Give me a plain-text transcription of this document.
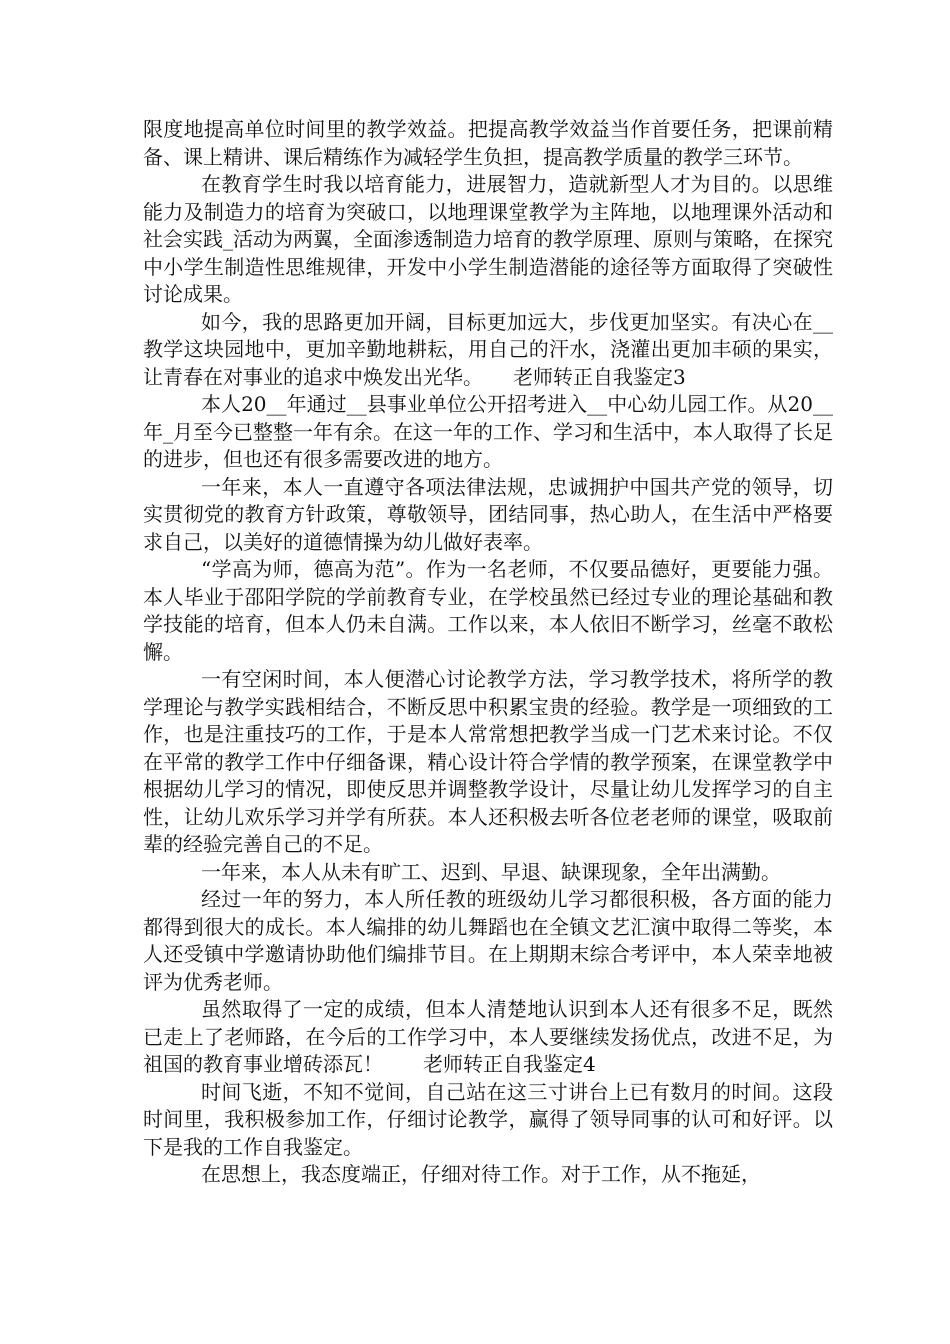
限度地提高单位时间里的教学效益。把提高教学效益当作首要任务，把课前精备、课上精讲、课后精练作为减轻学生负担，提高教学质量的教学三环节。

在教育学生时我以培育能力，进展智力，造就新型人才为目的。以思维能力及制造力的培育为突破口，以地理课堂教学为主阵地，以地理课外活动和社会实践_活动为两翼，全面渗透制造力培育的教学原理、原则与策略，在探究中小学生制造性思维规律，开发中小学生制造潜能的途径等方面取得了突破性讨论成果。

如今，我的思路更加开阔，目标更加远大，步伐更加坚实。有决心在__教学这块园地中，更加辛勤地耕耘，用自己的汗水，浇灌出更加丰硕的果实，让青春在对事业的追求中焕发出光华。　　老师转正自我鉴定3

本人20__年通过__县事业单位公开招考进入__中心幼儿园工作。从20__年_月至今已整整一年有余。在这一年的工作、学习和生活中，本人取得了长足的进步，但也还有很多需要改进的地方。

一年来，本人一直遵守各项法律法规，忠诚拥护中国共产党的领导，切实贯彻党的教育方针政策，尊敬领导，团结同事，热心助人，在生活中严格要求自己，以美好的道德情操为幼儿做好表率。

“学高为师，德高为范”。作为一名老师，不仅要品德好，更要能力强。本人毕业于邵阳学院的学前教育专业，在学校虽然已经过专业的理论基础和教学技能的培育，但本人仍未自满。工作以来，本人依旧不断学习，丝毫不敢松懈。

一有空闲时间，本人便潜心讨论教学方法，学习教学技术，将所学的教学理论与教学实践相结合，不断反思中积累宝贵的经验。教学是一项细致的工作，也是注重技巧的工作，于是本人常常想把教学当成一门艺术来讨论。不仅在平常的教学工作中仔细备课，精心设计符合学情的教学预案，在课堂教学中根据幼儿学习的情况，即使反思并调整教学设计，尽量让幼儿发挥学习的自主性，让幼儿欢乐学习并学有所获。本人还积极去听各位老老师的课堂，吸取前辈的经验完善自己的不足。

一年来，本人从未有旷工、迟到、早退、缺课现象，全年出满勤。

经过一年的努力，本人所任教的班级幼儿学习都很积极，各方面的能力都得到很大的成长。本人编排的幼儿舞蹈也在全镇文艺汇演中取得二等奖，本人还受镇中学邀请协助他们编排节目。在上期期末综合考评中，本人荣幸地被评为优秀老师。

虽然取得了一定的成绩，但本人清楚地认识到本人还有很多不足，既然已走上了老师路，在今后的工作学习中，本人要继续发扬优点，改进不足，为祖国的教育事业增砖添瓦！　　老师转正自我鉴定4

时间飞逝，不知不觉间，自己站在这三寸讲台上已有数月的时间。这段时间里，我积极参加工作，仔细讨论教学，赢得了领导同事的认可和好评。以下是我的工作自我鉴定。

在思想上，我态度端正，仔细对待工作。对于工作，从不拖延，
